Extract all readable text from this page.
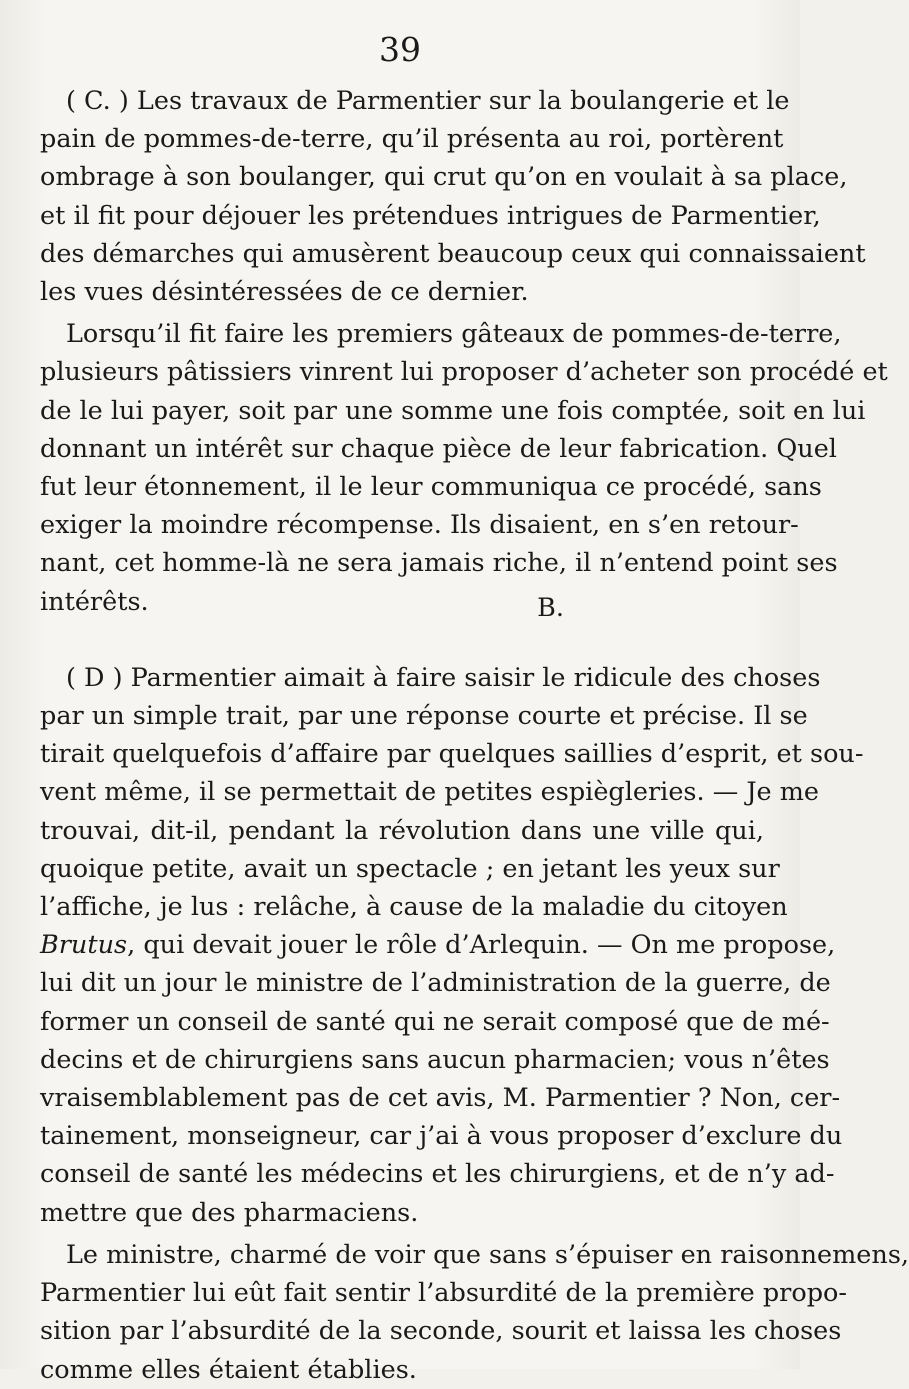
39

( C. ) Les travaux de Parmentier sur la boulangerie et le
pain de pommes-de-terre, qu’il présenta au roi, portèrent
ombrage à son boulanger, qui crut qu’on en voulait à sa place,
et il fit pour déjouer les prétendues intrigues de Parmentier,
des démarches qui amusèrent beaucoup ceux qui connaissaient
les vues désintéressées de ce dernier.

Lorsqu’il fit faire les premiers gâteaux de pommes-de-terre,
plusieurs pâtissiers vinrent lui proposer d’acheter son procédé et
de le lui payer, soit par une somme une fois comptée, soit en lui
donnant un intérêt sur chaque pièce de leur fabrication. Quel
fut leur étonnement, il le leur communiqua ce procédé, sans
exiger la moindre récompense. Ils disaient, en s’en retour-
nant, cet homme-là ne sera jamais riche, il n’entend point ses
intérêts.	B.

( D ) Parmentier aimait à faire saisir le ridicule des choses
par un simple trait, par une réponse courte et précise. Il se
tirait quelquefois d’affaire par quelques saillies d’esprit, et sou-
vent même, il se permettait de petites espiègleries. — Je me
trouvai, dit-il, pendant la révolution dans une ville qui,
quoique petite, avait un spectacle ; en jetant les yeux sur
l’affiche, je lus : relâche, à cause de la maladie du citoyen
Brutus, qui devait jouer le rôle d’Arlequin. — On me propose,
lui dit un jour le ministre de l’administration de la guerre, de
former un conseil de santé qui ne serait composé que de mé-
decins et de chirurgiens sans aucun pharmacien; vous n’êtes
vraisemblablement pas de cet avis, M. Parmentier ? Non, cer-
tainement, monseigneur, car j’ai à vous proposer d’exclure du
conseil de santé les médecins et les chirurgiens, et de n’y ad-
mettre que des pharmaciens.

Le ministre, charmé de voir que sans s’épuiser en raisonnemens,
Parmentier lui eût fait sentir l’absurdité de la première propo-
sition par l’absurdité de la seconde, sourit et laissa les choses
comme elles étaient établies.
